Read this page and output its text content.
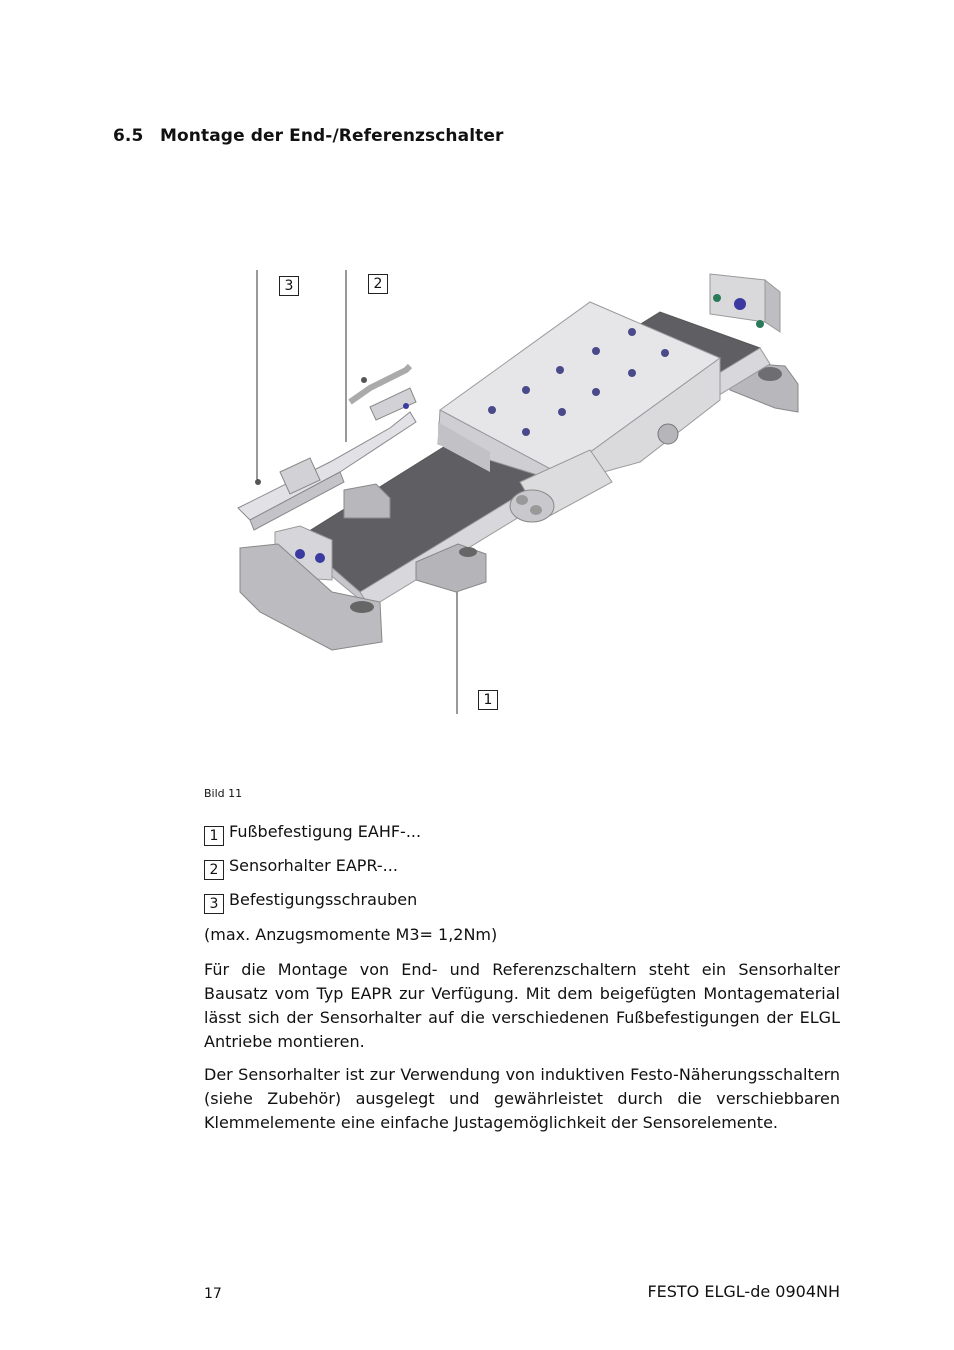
6.5 Montage der End-/Referenzschalter
3	2
1
Bild 11
1 Fußbefestigung EAHF-...
2 Sensorhalter EAPR-...
3 Befestigungsschrauben
(max. Anzugsmomente M3= 1,2Nm)

Für die Montage von End- und Referenzschaltern steht ein Sensorhalter Bausatz vom Typ EAPR zur Verfügung. Mit dem beigefügten Montagematerial lässt sich der Sensorhalter auf die verschiedenen Fußbefestigungen der ELGL Antriebe montieren.

Der Sensorhalter ist zur Verwendung von induktiven Festo-Näherungsschaltern (siehe Zubehör) ausgelegt und gewährleistet durch die verschiebbaren Klemmelemente eine einfache Justagemöglichkeit der Sensorelemente.

17	FESTO ELGL-de 0904NH
